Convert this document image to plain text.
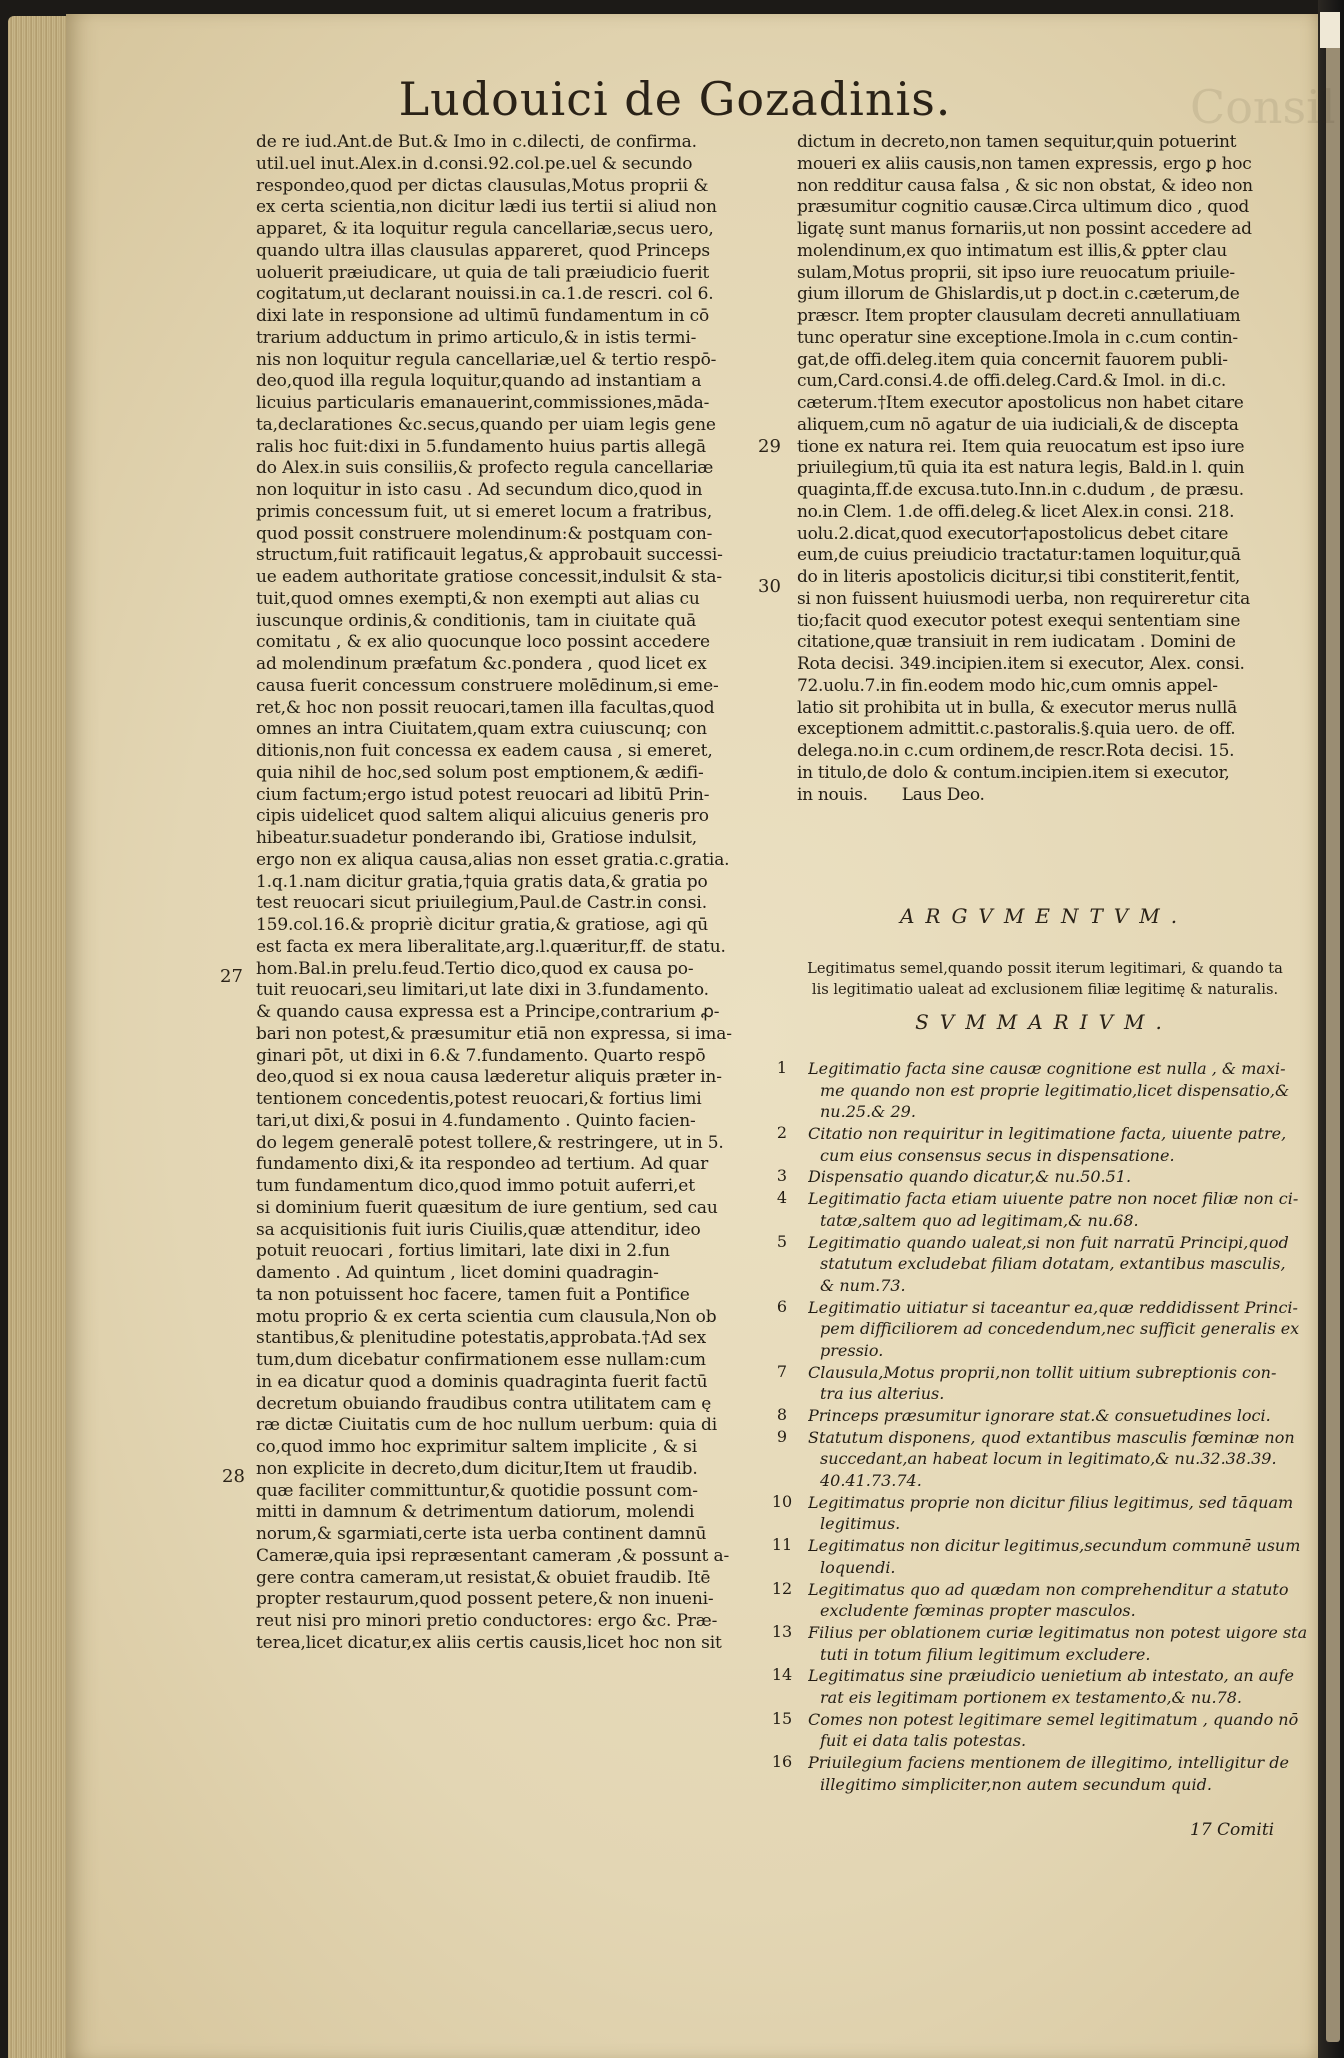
Ludouici de Gozadinis.	Consil
27
28
29
30
de re iud.Ant.de But.& Imo in c.dilecti, de confirma.
util.uel inut.Alex.in d.consi.92.col.pe.uel & secundo
respondeo,quod per dictas clausulas,Motus proprii &
ex certa scientia,non dicitur lædi ius tertii si aliud non
apparet, & ita loquitur regula cancellariæ,secus uero,
quando ultra illas clausulas appareret, quod Princeps
uoluerit præiudicare, ut quia de tali præiudicio fuerit
cogitatum,ut declarant nouissi.in ca.1.de rescri. col 6.
dixi late in responsione ad ultimū fundamentum in cō
trarium adductum in primo articulo,& in istis termi-
nis non loquitur regula cancellariæ,uel & tertio respō-
deo,quod illa regula loquitur,quando ad instantiam a
licuius particularis emanauerint,commissiones,māda-
ta,declarationes &c.secus,quando per uiam legis gene
ralis hoc fuit:dixi in 5.fundamento huius partis allegā
do Alex.in suis consiliis,& profecto regula cancellariæ
non loquitur in isto casu . Ad secundum dico,quod in
primis concessum fuit, ut si emeret locum a fratribus,
quod possit construere molendinum:& postquam con-
structum,fuit ratificauit legatus,& approbauit successi-
ue eadem authoritate gratiose concessit,indulsit & sta-
tuit,quod omnes exempti,& non exempti aut alias cu
iuscunque ordinis,& conditionis, tam in ciuitate quā
comitatu , & ex alio quocunque loco possint accedere
ad molendinum præfatum &c.pondera , quod licet ex
causa fuerit concessum construere molēdinum,si eme-
ret,& hoc non possit reuocari,tamen illa facultas,quod
omnes an intra Ciuitatem,quam extra cuiuscunq; con
ditionis,non fuit concessa ex eadem causa , si emeret,
quia nihil de hoc,sed solum post emptionem,& ædifi-
cium factum;ergo istud potest reuocari ad libitū Prin-
cipis uidelicet quod saltem aliqui alicuius generis pro
hibeatur.suadetur ponderando ibi, Gratiose indulsit,
ergo non ex aliqua causa,alias non esset gratia.c.gratia.
1.q.1.nam dicitur gratia,†quia gratis data,& gratia po
test reuocari sicut priuilegium,Paul.de Castr.in consi.
159.col.16.& propriè dicitur gratia,& gratiose, agi qū
est facta ex mera liberalitate,arg.l.quæritur,ff. de statu.
hom.Bal.in prelu.feud.Tertio dico,quod ex causa po-
tuit reuocari,seu limitari,ut late dixi in 3.fundamento.
& quando causa expressa est a Principe,contrarium ꝓ-
bari non potest,& præsumitur etiā non expressa, si ima-
ginari pōt, ut dixi in 6.& 7.fundamento. Quarto respō
deo,quod si ex noua causa læderetur aliquis præter in-
tentionem concedentis,potest reuocari,& fortius limi
tari,ut dixi,& posui in 4.fundamento . Quinto facien-
do legem generalē potest tollere,& restringere, ut in 5.
fundamento dixi,& ita respondeo ad tertium. Ad quar
tum fundamentum dico,quod immo potuit auferri,et
si dominium fuerit quæsitum de iure gentium, sed cau
sa acquisitionis fuit iuris Ciuilis,quæ attenditur, ideo
potuit reuocari , fortius limitari, late dixi in 2.fun
damento . Ad quintum , licet domini quadragin-
ta non potuissent hoc facere, tamen fuit a Pontifice
motu proprio & ex certa scientia cum clausula,Non ob
stantibus,& plenitudine potestatis,approbata.†Ad sex
tum,dum dicebatur confirmationem esse nullam:cum
in ea dicatur quod a dominis quadraginta fuerit factū
decretum obuiando fraudibus contra utilitatem cam ę
ræ dictæ Ciuitatis cum de hoc nullum uerbum: quia di
co,quod immo hoc exprimitur saltem implicite , & si
non explicite in decreto,dum dicitur,Item ut fraudib.
quæ faciliter committuntur,& quotidie possunt com-
mitti in damnum & detrimentum datiorum, molendi
norum,& sgarmiati,certe ista uerba continent damnū
Cameræ,quia ipsi repræsentant cameram ,& possunt a-
gere contra cameram,ut resistat,& obuiet fraudib. Itē
propter restaurum,quod possent petere,& non inueni-
reut nisi pro minori pretio conductores: ergo &c. Præ-
terea,licet dicatur,ex aliis certis causis,licet hoc non sit
dictum in decreto,non tamen sequitur,quin potuerint
moueri ex aliis causis,non tamen expressis, ergo ꝑ hoc
non redditur causa falsa , & sic non obstat, & ideo non
præsumitur cognitio causæ.Circa ultimum dico , quod
ligatę sunt manus fornariis,ut non possint accedere ad
molendinum,ex quo intimatum est illis,& ꝑpter clau
sulam,Motus proprii, sit ipso iure reuocatum priuile-
gium illorum de Ghislardis,ut p doct.in c.cæterum,de
præscr. Item propter clausulam decreti annullatiuam
tunc operatur sine exceptione.Imola in c.cum contin-
gat,de offi.deleg.item quia concernit fauorem publi-
cum,Card.consi.4.de offi.deleg.Card.& Imol. in di.c.
cæterum.†Item executor apostolicus non habet citare
aliquem,cum nō agatur de uia iudiciali,& de discepta
tione ex natura rei. Item quia reuocatum est ipso iure
priuilegium,tū quia ita est natura legis, Bald.in l. quin
quaginta,ff.de excusa.tuto.Inn.in c.dudum , de præsu.
no.in Clem. 1.de offi.deleg.& licet Alex.in consi. 218.
uolu.2.dicat,quod executor†apostolicus debet citare
eum,de cuius preiudicio tractatur:tamen loquitur,quā
do in literis apostolicis dicitur,si tibi constiterit,fentit,
si non fuissent huiusmodi uerba, non requireretur cita
tio;facit quod executor potest exequi sententiam sine
citatione,quæ transiuit in rem iudicatam . Domini de
Rota decisi. 349.incipien.item si executor, Alex. consi.
72.uolu.7.in fin.eodem modo hic,cum omnis appel-
latio sit prohibita ut in bulla, & executor merus nullā
exceptionem admittit.c.pastoralis.§.quia uero. de off.
delega.no.in c.cum ordinem,de rescr.Rota decisi. 15.
in titulo,de dolo & contum.incipien.item si executor,
in nouis. Laus Deo.
ARGVMENTVM.
Legitimatus semel,quando possit iterum legitimari, & quando ta
lis legitimatio ualeat ad exclusionem filiæ legitimę & naturalis.
SVMMARIVM.
1	Legitimatio facta sine causæ cognitione est nulla , & maxi-
me quando non est proprie legitimatio,licet dispensatio,&
nu.25.& 29.
2	Citatio non requiritur in legitimatione facta, uiuente patre,
cum eius consensus secus in dispensatione.
3	Dispensatio quando dicatur,& nu.50.51.
4	Legitimatio facta etiam uiuente patre non nocet filiæ non ci-
tatæ,saltem quo ad legitimam,& nu.68.
5	Legitimatio quando ualeat,si non fuit narratū Principi,quod
statutum excludebat filiam dotatam, extantibus masculis,
& num.73.
6	Legitimatio uitiatur si taceantur ea,quæ reddidissent Princi-
pem difficiliorem ad concedendum,nec sufficit generalis ex
pressio.
7	Clausula,Motus proprii,non tollit uitium subreptionis con-
tra ius alterius.
8	Princeps præsumitur ignorare stat.& consuetudines loci.
9	Statutum disponens, quod extantibus masculis fœminæ non
succedant,an habeat locum in legitimato,& nu.32.38.39.
40.41.73.74.
10 Legitimatus proprie non dicitur filius legitimus, sed tāquam
legitimus.
11 Legitimatus non dicitur legitimus,secundum communē usum
loquendi.
12 Legitimatus quo ad quædam non comprehenditur a statuto
excludente fœminas propter masculos.
13 Filius per oblationem curiæ legitimatus non potest uigore sta
tuti in totum filium legitimum excludere.
14 Legitimatus sine præiudicio uenietium ab intestato, an aufe
rat eis legitimam portionem ex testamento,& nu.78.
15 Comes non potest legitimare semel legitimatum , quando nō
fuit ei data talis potestas.
16 Priuilegium faciens mentionem de illegitimo, intelligitur de
illegitimo simpliciter,non autem secundum quid.
17 Comiti
